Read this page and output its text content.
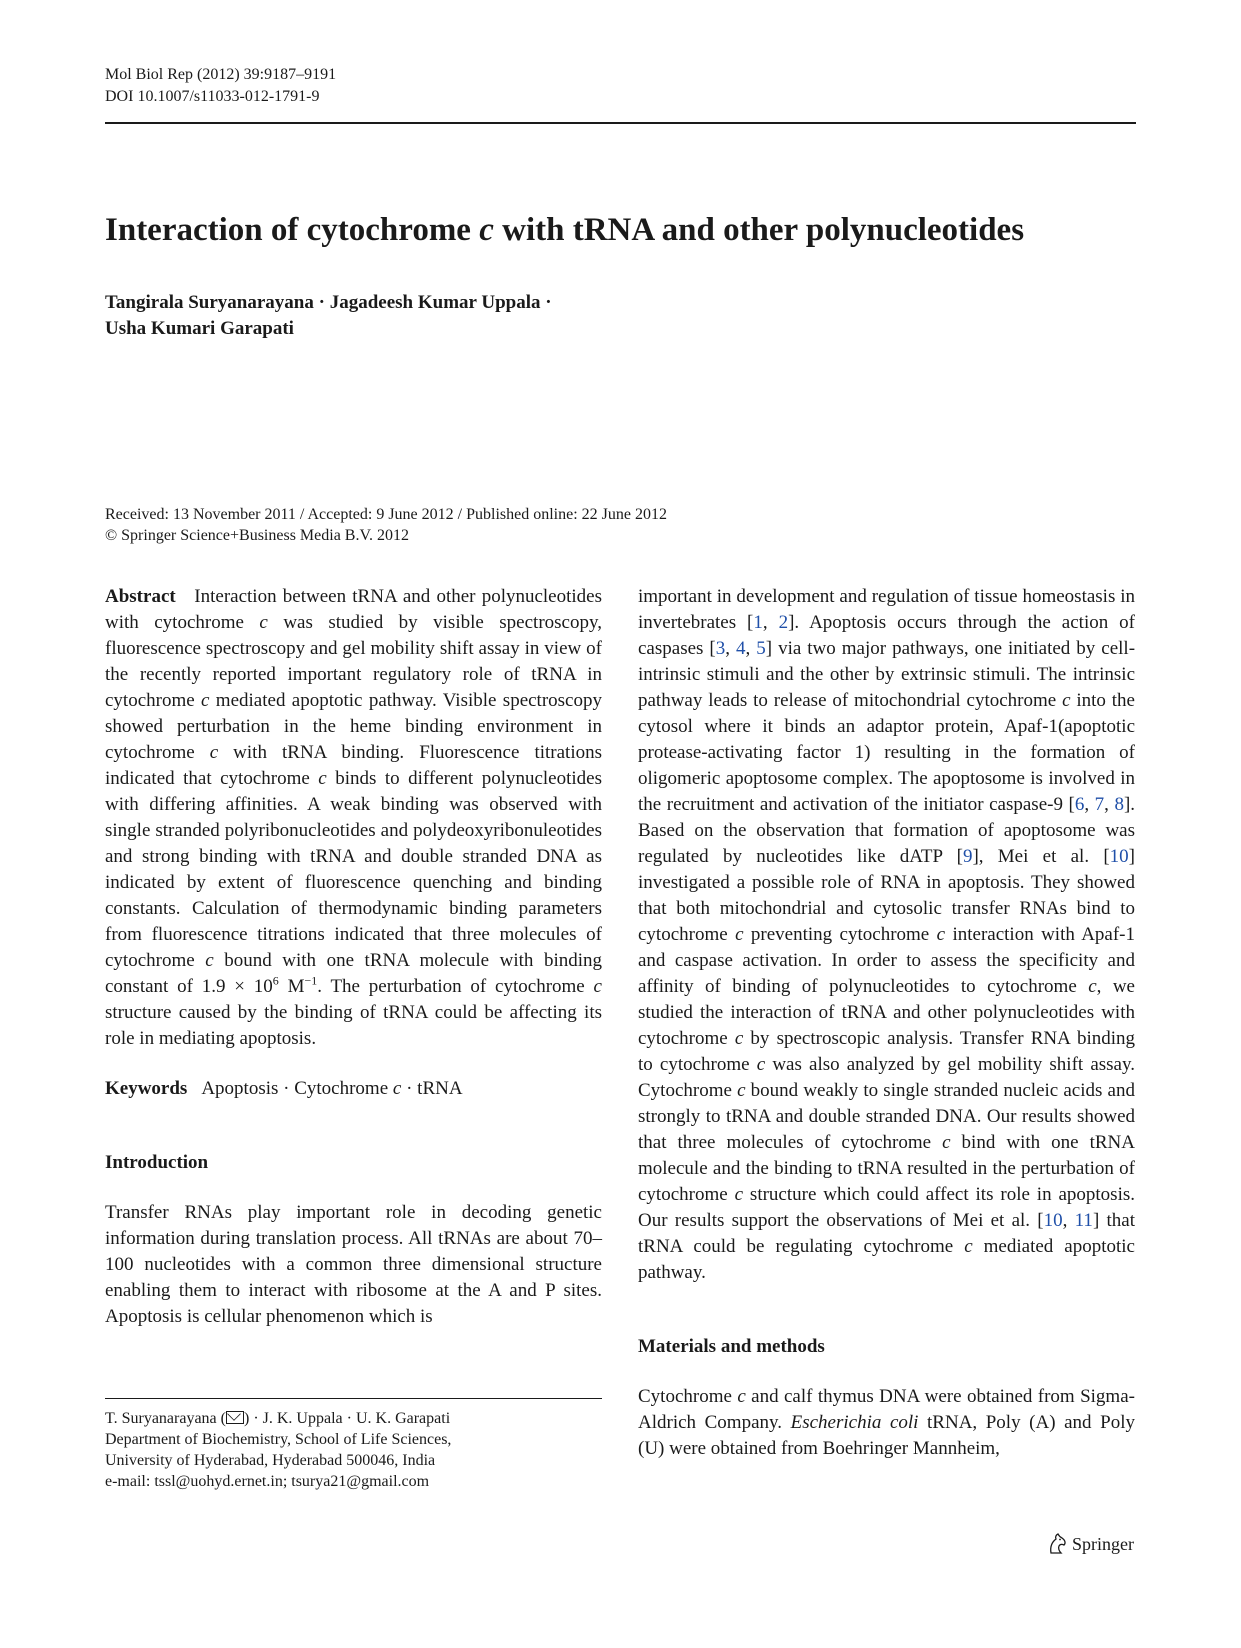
Mol Biol Rep (2012) 39:9187–9191
DOI 10.1007/s11033-012-1791-9
Interaction of cytochrome c with tRNA and other polynucleotides
Tangirala Suryanarayana · Jagadeesh Kumar Uppala ·
Usha Kumari Garapati
Received: 13 November 2011 / Accepted: 9 June 2012 / Published online: 22 June 2012
© Springer Science+Business Media B.V. 2012

Abstract Interaction between tRNA and other polynucleotides with cytochrome c was studied by visible spectroscopy, fluorescence spectroscopy and gel mobility shift assay in view of the recently reported important regulatory role of tRNA in cytochrome c mediated apoptotic pathway. Visible spectroscopy showed perturbation in the heme binding environment in cytochrome c with tRNA binding. Fluorescence titrations indicated that cytochrome c binds to different polynucleotides with differing affinities. A weak binding was observed with single stranded polyribonucleotides and polydeoxyribonuleotides and strong binding with tRNA and double stranded DNA as indicated by extent of fluorescence quenching and binding constants. Calculation of thermodynamic binding parameters from fluorescence titrations indicated that three molecules of cytochrome c bound with one tRNA molecule with binding constant of $1.9 \times 10^6$ $M^{-1}$. The perturbation of cytochrome c structure caused by the binding of tRNA could be affecting its role in mediating apoptosis.

Keywords Apoptosis · Cytochrome c · tRNA

Introduction

Transfer RNAs play important role in decoding genetic information during translation process. All tRNAs are about 70–100 nucleotides with a common three dimensional structure enabling them to interact with ribosome at the A and P sites. Apoptosis is cellular phenomenon which is

T. Suryanarayana ( ) · J. K. Uppala · U. K. Garapati
Department of Biochemistry, School of Life Sciences,
University of Hyderabad, Hyderabad 500046, India
e-mail: tssl@uohyd.ernet.in; tsurya21@gmail.com

important in development and regulation of tissue homeostasis in invertebrates [1, 2]. Apoptosis occurs through the action of caspases [3, 4, 5] via two major pathways, one initiated by cell-intrinsic stimuli and the other by extrinsic stimuli. The intrinsic pathway leads to release of mitochondrial cytochrome c into the cytosol where it binds an adaptor protein, Apaf-1(apoptotic protease-activating factor 1) resulting in the formation of oligomeric apoptosome complex. The apoptosome is involved in the recruitment and activation of the initiator caspase-9 [6, 7, 8]. Based on the observation that formation of apoptosome was regulated by nucleotides like dATP [9], Mei et al. [10] investigated a possible role of RNA in apoptosis. They showed that both mitochondrial and cytosolic transfer RNAs bind to cytochrome c preventing cytochrome c interaction with Apaf-1 and caspase activation. In order to assess the specificity and affinity of binding of polynucleotides to cytochrome c, we studied the interaction of tRNA and other polynucleotides with cytochrome c by spectroscopic analysis. Transfer RNA binding to cytochrome c was also analyzed by gel mobility shift assay. Cytochrome c bound weakly to single stranded nucleic acids and strongly to tRNA and double stranded DNA. Our results showed that three molecules of cytochrome c bind with one tRNA molecule and the binding to tRNA resulted in the perturbation of cytochrome c structure which could affect its role in apoptosis. Our results support the observations of Mei et al. [10, 11] that tRNA could be regulating cytochrome c mediated apoptotic pathway.

Materials and methods

Cytochrome c and calf thymus DNA were obtained from Sigma-Aldrich Company. Escherichia coli tRNA, Poly (A) and Poly (U) were obtained from Boehringer Mannheim,

Springer
